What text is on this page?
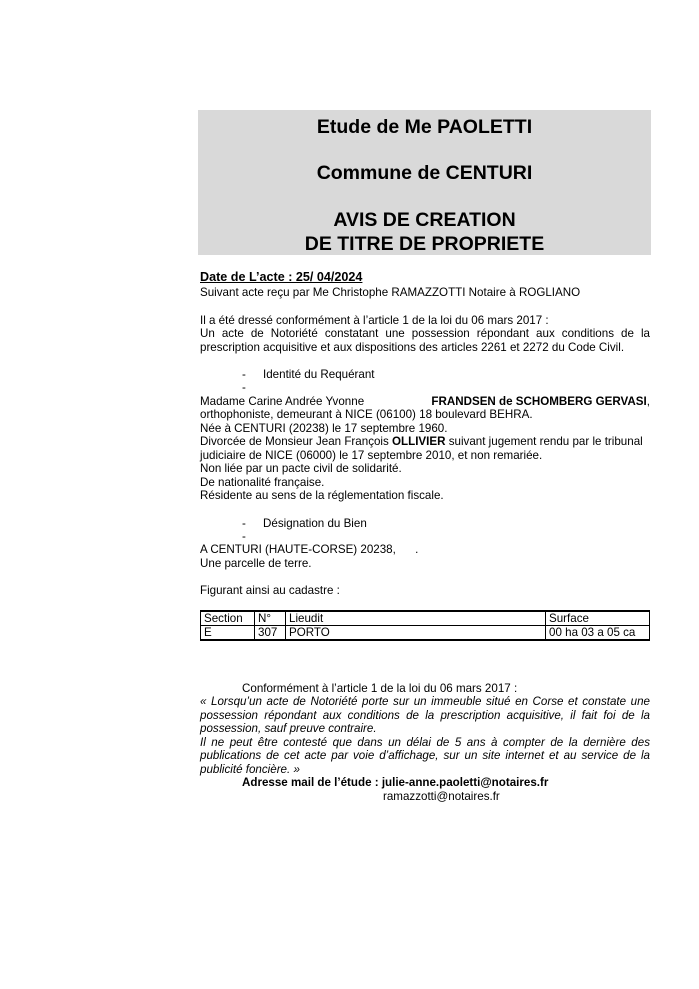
Etude de Me PAOLETTI
Commune de CENTURI
AVIS DE CREATION
DE TITRE DE PROPRIETE
Date de L’acte : 25/ 04/2024
Suivant acte reçu par Me Christophe RAMAZZOTTI Notaire à ROGLIANO
Il a été dressé conformément à l’article 1 de la loi du 06 mars 2017 :
Un acte de Notoriété constatant une possession répondant aux conditions de la
prescription acquisitive et aux dispositions des articles 2261 et 2272 du Code Civil.
- Identité du Requérant
-
Madame Carine Andrée Yvonne	FRANDSEN de SCHOMBERG GERVASI,
orthophoniste, demeurant à NICE (06100) 18 boulevard BEHRA.
Née à CENTURI (20238) le 17 septembre 1960.
Divorcée de Monsieur Jean François OLLIVIER suivant jugement rendu par le tribunal
judiciaire de NICE (06000) le 17 septembre 2010, et non remariée.
Non liée par un pacte civil de solidarité.
De nationalité française.
Résidente au sens de la réglementation fiscale.
- Désignation du Bien
-
A CENTURI (HAUTE-CORSE) 20238,      .
Une parcelle de terre.
Figurant ainsi au cadastre :
Section	N°	Lieudit	Surface
E	307	PORTO	00 ha 03 a 05 ca
Conformément à l’article 1 de la loi du 06 mars 2017 :
« Lorsqu’un acte de Notoriété porte sur un immeuble situé en Corse et constate une
possession répondant aux conditions de la prescription acquisitive, il fait foi de la
possession, sauf preuve contraire.
Il ne peut être contesté que dans un délai de 5 ans à compter de la dernière des
publications de cet acte par voie d’affichage, sur un site internet et au service de la
publicité foncière. »
Adresse mail de l’étude : julie-anne.paoletti@notaires.fr
ramazzotti@notaires.fr
